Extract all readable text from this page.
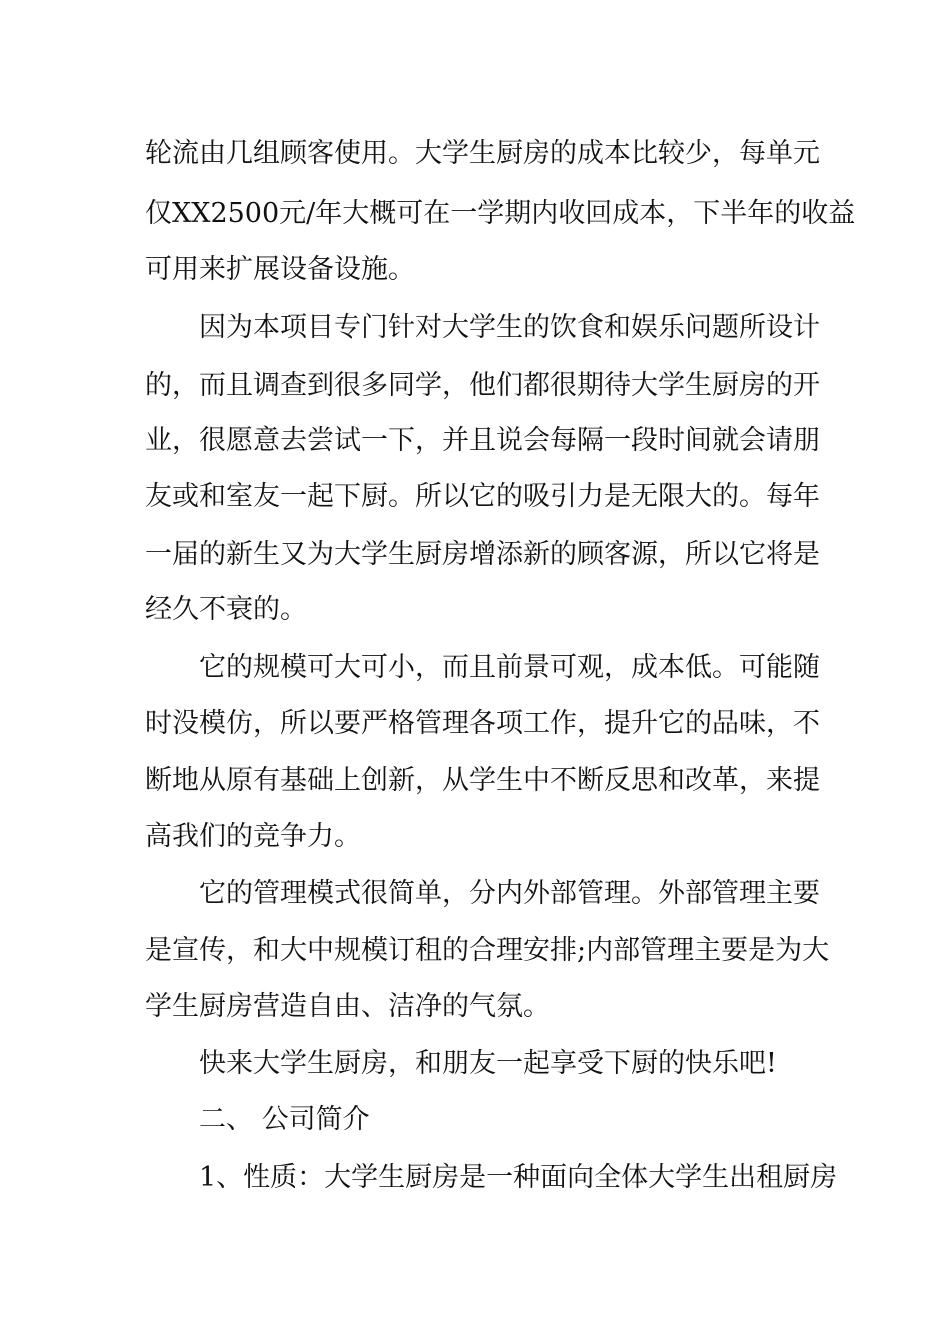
轮流由几组顾客使用。大学生厨房的成本比较少，每单元
仅XX2500元/年大概可在一学期内收回成本，下半年的收益
可用来扩展设备设施。
因为本项目专门针对大学生的饮食和娱乐问题所设计
的，而且调查到很多同学，他们都很期待大学生厨房的开
业，很愿意去尝试一下，并且说会每隔一段时间就会请朋
友或和室友一起下厨。所以它的吸引力是无限大的。每年
一届的新生又为大学生厨房增添新的顾客源，所以它将是
经久不衰的。
它的规模可大可小，而且前景可观，成本低。可能随
时没模仿，所以要严格管理各项工作，提升它的品味，不
断地从原有基础上创新，从学生中不断反思和改革，来提
高我们的竞争力。
它的管理模式很简单，分内外部管理。外部管理主要
是宣传，和大中规模订租的合理安排;内部管理主要是为大
学生厨房营造自由、洁净的气氛。
快来大学生厨房，和朋友一起享受下厨的快乐吧!
二、 公司简介
1、性质：大学生厨房是一种面向全体大学生出租厨房
